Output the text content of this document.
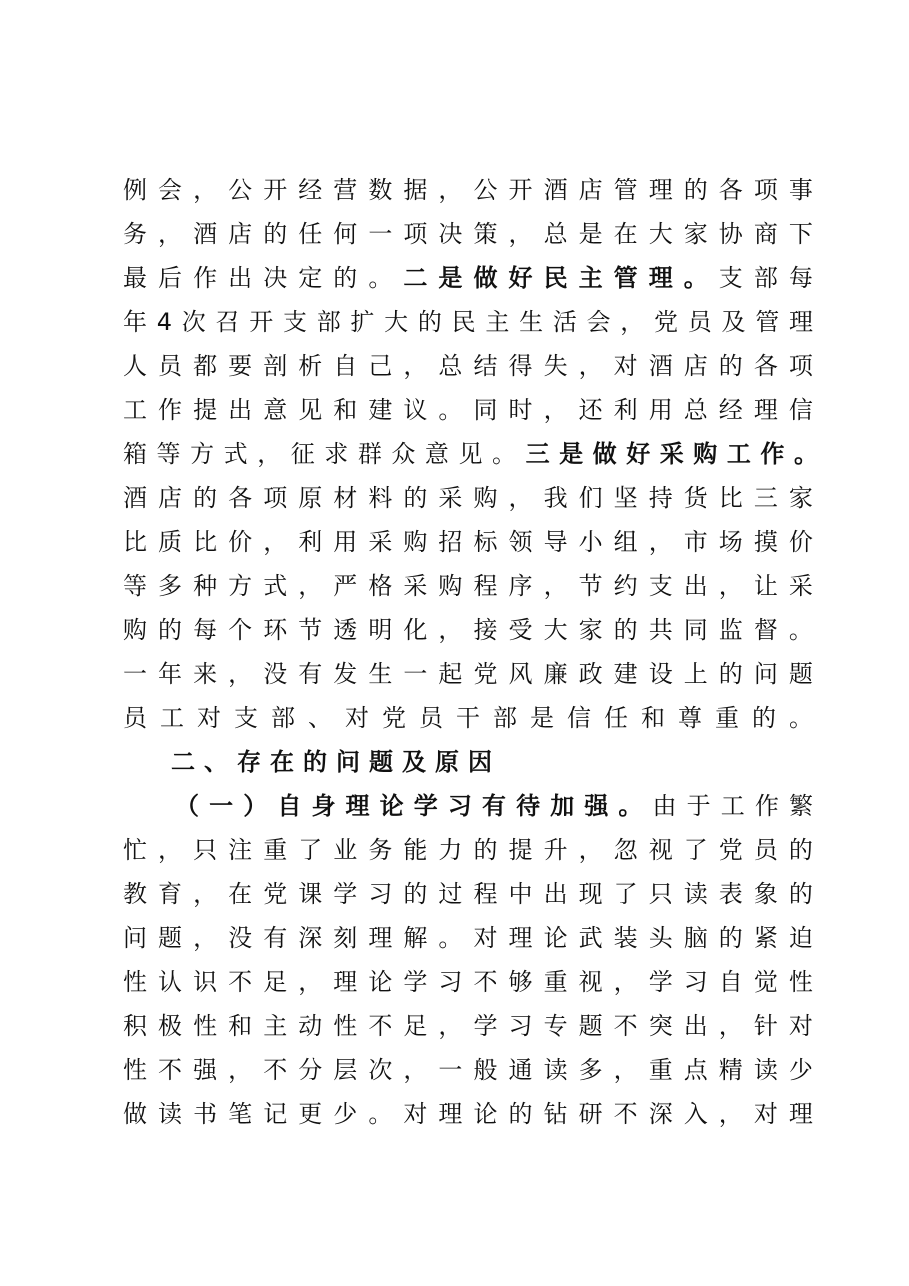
例 会 ， 公 开 经 营 数 据 ， 公 开 酒 店 管 理 的 各 项 事
务 ， 酒 店 的 任 何 一 项 决 策 ， 总 是 在 大 家 协 商 下
最 后 作 出 决 定 的 。 二 是 做 好 民 主 管 理 。 支 部 每
年 4 次 召 开 支 部 扩 大 的 民 主 生 活 会 ， 党 员 及 管 理
人 员 都 要 剖 析 自 己 ， 总 结 得 失 ， 对 酒 店 的 各 项
工 作 提 出 意 见 和 建 议 。 同 时 ， 还 利 用 总 经 理 信
箱 等 方 式 ， 征 求 群 众 意 见 。 三 是 做 好 采 购 工 作 。
酒 店 的 各 项 原 材 料 的 采 购 ， 我 们 坚 持 货 比 三 家
比 质 比 价 ， 利 用 采 购 招 标 领 导 小 组 ， 市 场 摸 价
等 多 种 方 式 ， 严 格 采 购 程 序 ， 节 约 支 出 ， 让 采
购 的 每 个 环 节 透 明 化 ， 接 受 大 家 的 共 同 监 督 。
一 年 来 ， 没 有 发 生 一 起 党 风 廉 政 建 设 上 的 问 题
员 工 对 支 部 、 对 党 员 干 部 是 信 任 和 尊 重 的 。
二 、 存 在 的 问 题 及 原 因
（ 一 ） 自 身 理 论 学 习 有 待 加 强 。 由 于 工 作 繁
忙 ， 只 注 重 了 业 务 能 力 的 提 升 ， 忽 视 了 党 员 的
教 育 ， 在 党 课 学 习 的 过 程 中 出 现 了 只 读 表 象 的
问 题 ， 没 有 深 刻 理 解 。 对 理 论 武 装 头 脑 的 紧 迫
性 认 识 不 足 ， 理 论 学 习 不 够 重 视 ， 学 习 自 觉 性
积 极 性 和 主 动 性 不 足 ， 学 习 专 题 不 突 出 ， 针 对
性 不 强 ， 不 分 层 次 ， 一 般 通 读 多 ， 重 点 精 读 少
做 读 书 笔 记 更 少 。 对 理 论 的 钻 研 不 深 入 ， 对 理
